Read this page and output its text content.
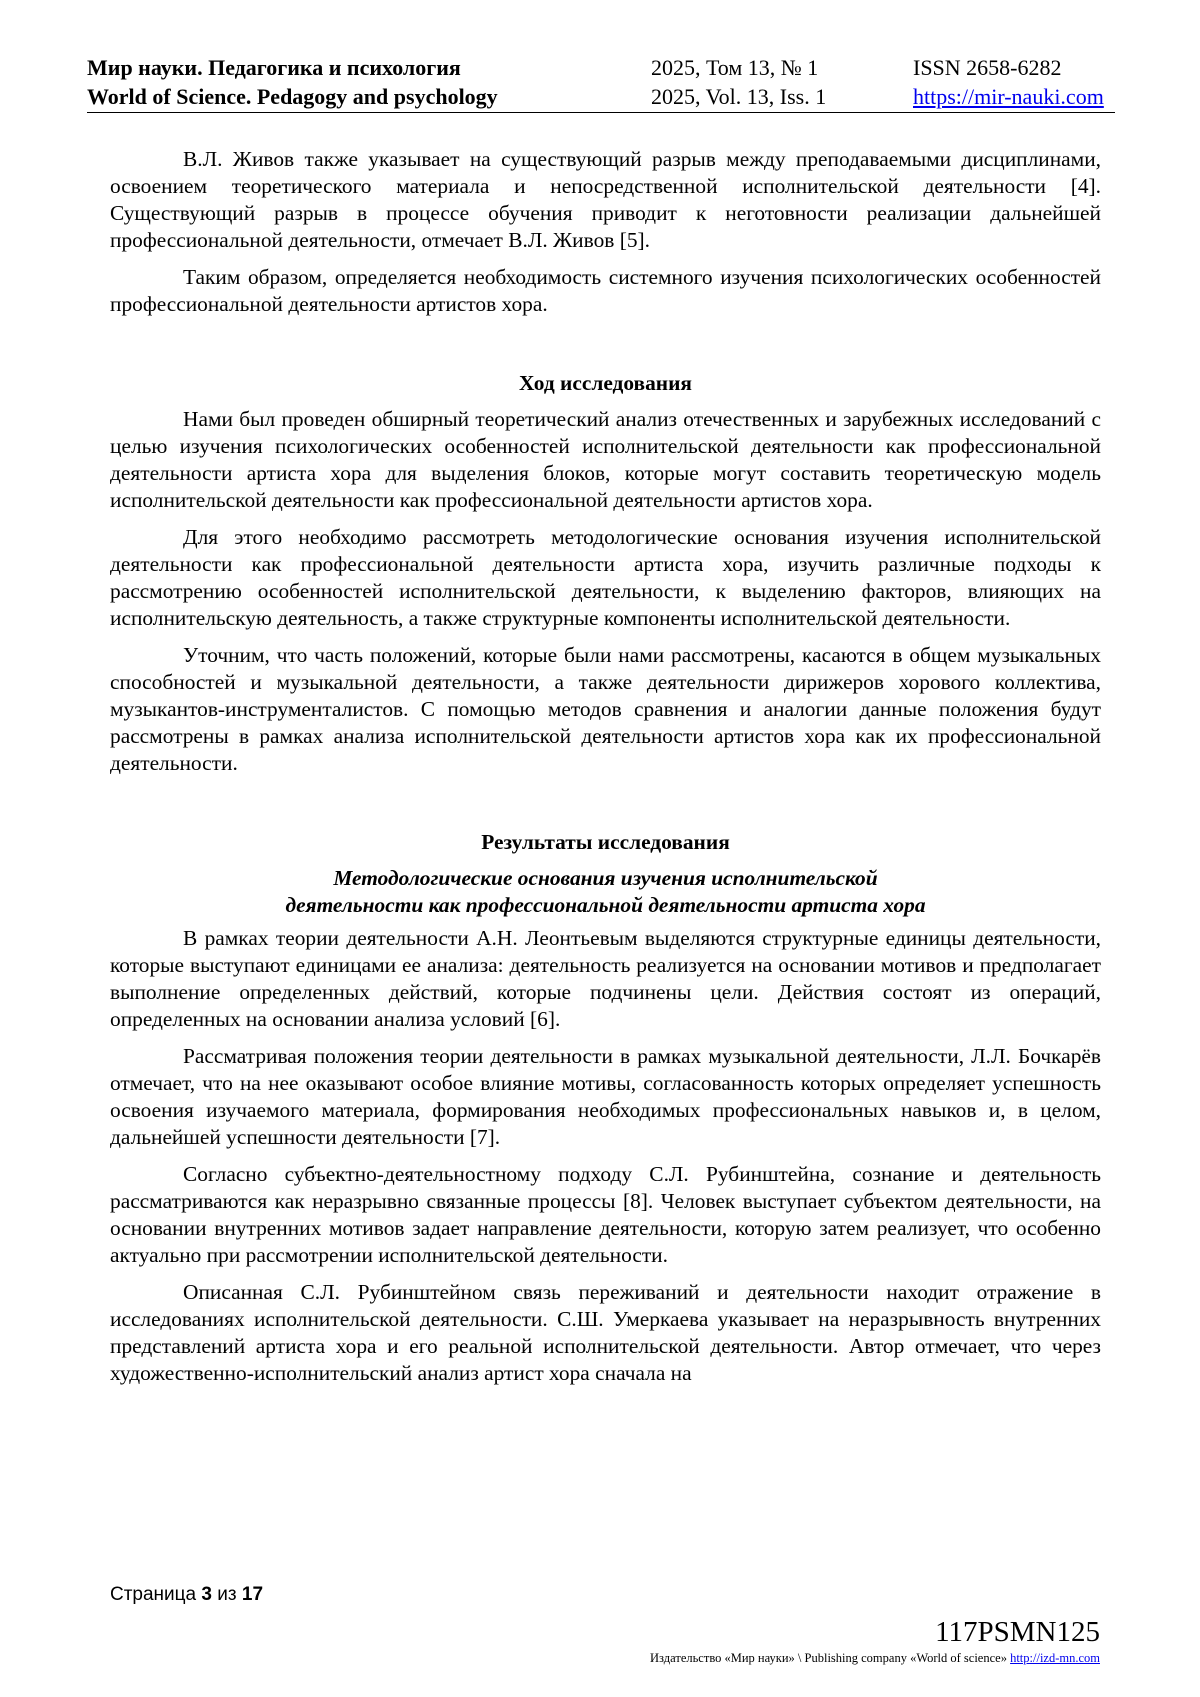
Мир науки. Педагогика и психология
World of Science. Pedagogy and psychology
2025, Том 13, № 1
2025, Vol. 13, Iss. 1
ISSN 2658-6282
https://mir-nauki.com

В.Л. Живов также указывает на существующий разрыв между преподаваемыми дисциплинами, освоением теоретического материала и непосредственной исполнительской деятельности [4]. Существующий разрыв в процессе обучения приводит к неготовности реализации дальнейшей профессиональной деятельности, отмечает В.Л. Живов [5].

Таким образом, определяется необходимость системного изучения психологических особенностей профессиональной деятельности артистов хора.

Ход исследования

Нами был проведен обширный теоретический анализ отечественных и зарубежных исследований с целью изучения психологических особенностей исполнительской деятельности как профессиональной деятельности артиста хора для выделения блоков, которые могут составить теоретическую модель исполнительской деятельности как профессиональной деятельности артистов хора.

Для этого необходимо рассмотреть методологические основания изучения исполнительской деятельности как профессиональной деятельности артиста хора, изучить различные подходы к рассмотрению особенностей исполнительской деятельности, к выделению факторов, влияющих на исполнительскую деятельность, а также структурные компоненты исполнительской деятельности.

Уточним, что часть положений, которые были нами рассмотрены, касаются в общем музыкальных способностей и музыкальной деятельности, а также деятельности дирижеров хорового коллектива, музыкантов-инструменталистов. С помощью методов сравнения и аналогии данные положения будут рассмотрены в рамках анализа исполнительской деятельности артистов хора как их профессиональной деятельности.

Результаты исследования
Методологические основания изучения исполнительской
деятельности как профессиональной деятельности артиста хора

В рамках теории деятельности А.Н. Леонтьевым выделяются структурные единицы деятельности, которые выступают единицами ее анализа: деятельность реализуется на основании мотивов и предполагает выполнение определенных действий, которые подчинены цели. Действия состоят из операций, определенных на основании анализа условий [6].

Рассматривая положения теории деятельности в рамках музыкальной деятельности, Л.Л. Бочкарёв отмечает, что на нее оказывают особое влияние мотивы, согласованность которых определяет успешность освоения изучаемого материала, формирования необходимых профессиональных навыков и, в целом, дальнейшей успешности деятельности [7].

Согласно субъектно-деятельностному подходу С.Л. Рубинштейна, сознание и деятельность рассматриваются как неразрывно связанные процессы [8]. Человек выступает субъектом деятельности, на основании внутренних мотивов задает направление деятельности, которую затем реализует, что особенно актуально при рассмотрении исполнительской деятельности.

Описанная С.Л. Рубинштейном связь переживаний и деятельности находит отражение в исследованиях исполнительской деятельности. С.Ш. Умеркаева указывает на неразрывность внутренних представлений артиста хора и его реальной исполнительской деятельности. Автор отмечает, что через художественно-исполнительский анализ артист хора сначала на

Страница 3 из 17
117PSMN125
Издательство «Мир науки» \ Publishing company «World of science» http://izd-mn.com
